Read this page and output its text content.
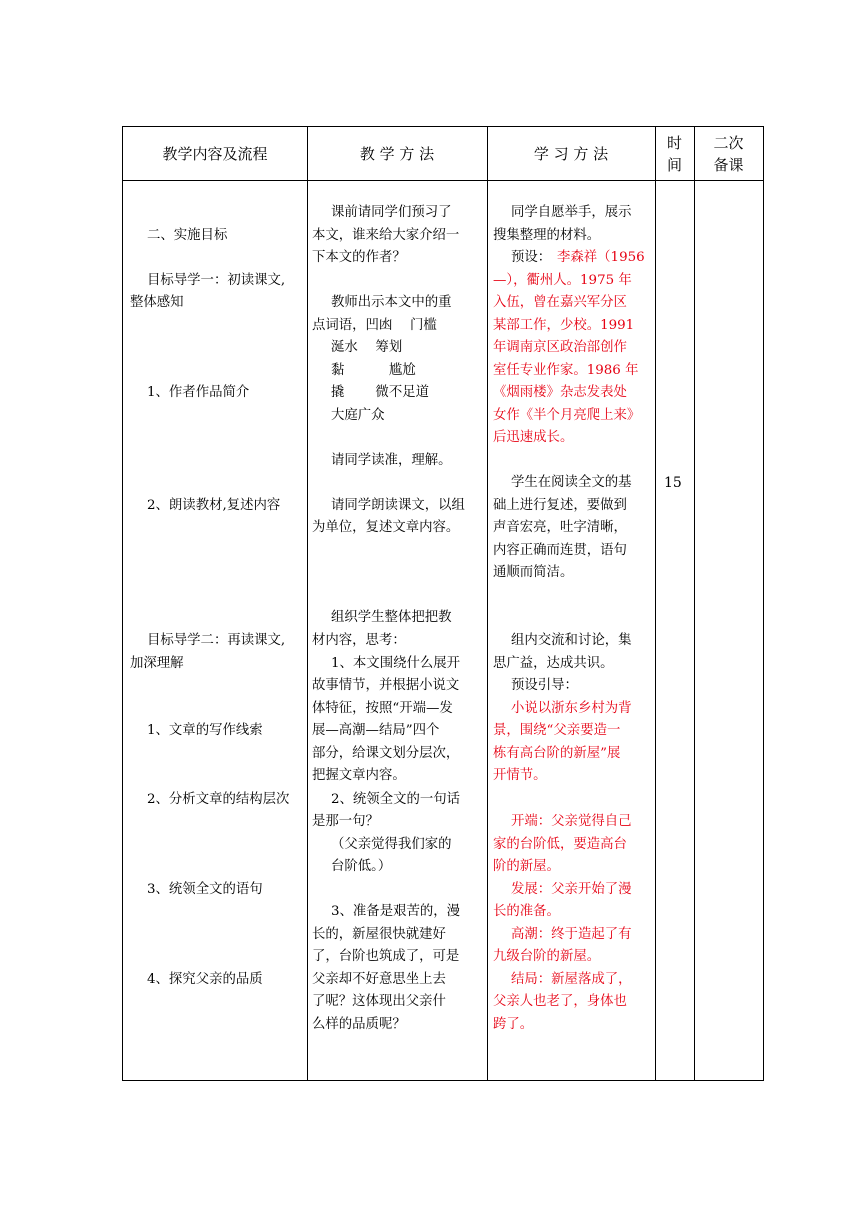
教学内容及流程	教 学 方 法	学 习 方 法
时
间
二次
备课
二、实施目标
目标导学一：初读课文,
整体感知
1、作者作品简介
2、朗读教材,复述内容
目标导学二：再读课文,
加深理解
1、文章的写作线索
2、分析文章的结构层次
3、统领全文的语句
4、探究父亲的品质
课前请同学们预习了
本文，谁来给大家介绍一
下本文的作者？
教师出示本文中的重
点词语，凹凼　 门槛
涎水　 筹划
黏　　　 尴尬
撬　　 微不足道
大庭广众
请同学读准，理解。
请同学朗读课文，以组
为单位，复述文章内容。
组织学生整体把把教
材内容，思考：
1、本文围绕什么展开
故事情节，并根据小说文
体特征，按照“开端—发
展—高潮—结局”四个
部分，给课文划分层次，
把握文章内容。
2、统领全文的一句话
是那一句？
（父亲觉得我们家的
台阶低。）
3、准备是艰苦的，漫
长的，新屋很快就建好
了，台阶也筑成了，可是
父亲却不好意思坐上去
了呢？这体现出父亲什
么样的品质呢？
同学自愿举手，展示
搜集整理的材料。
预设： 李森祥（1956
—），衢州人。1975 年
入伍，曾在嘉兴军分区
某部工作，少校。1991
年调南京区政治部创作
室任专业作家。1986 年
《烟雨楼》杂志发表处
女作《半个月亮爬上来》
后迅速成长。
学生在阅读全文的基
础上进行复述，要做到
声音宏亮，吐字清晰，
内容正确而连贯，语句
通顺而简洁。
组内交流和讨论，集
思广益，达成共识。
预设引导：
小说以浙东乡村为背
景，围绕“父亲要造一
栋有高台阶的新屋”展
开情节。
开端：父亲觉得自己
家的台阶低，要造高台
阶的新屋。
发展：父亲开始了漫
长的准备。
高潮：终于造起了有
九级台阶的新屋。
结局：新屋落成了，
父亲人也老了，身体也
跨了。
15
